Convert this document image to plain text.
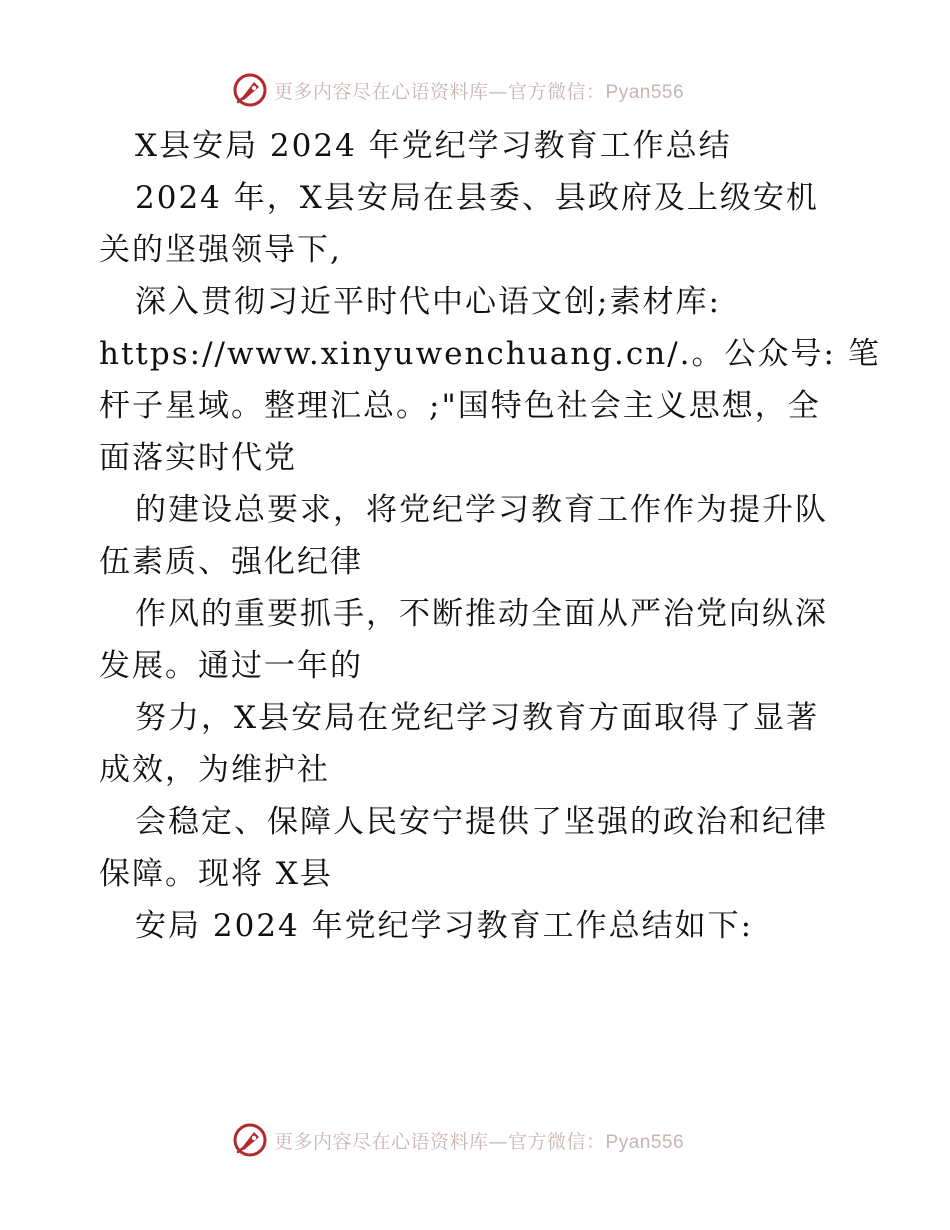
更多内容尽在心语资料库—官方微信：Pyan556
X县安局 2024 年党纪学习教育工作总结
2024 年，X县安局在县委、县政府及上级安机
关的坚强领导下,
深入贯彻习近平时代中心语文创;素材库:
https://www.xinyuwenchuang.cn/.。公众号: 笔
杆子星域。整理汇总。;"国特色社会主义思想，全
面落实时代党
的建设总要求，将党纪学习教育工作作为提升队
伍素质、强化纪律
作风的重要抓手，不断推动全面从严治党向纵深
发展。通过一年的
努力，X县安局在党纪学习教育方面取得了显著
成效，为维护社
会稳定、保障人民安宁提供了坚强的政治和纪律
保障。现将 X县
安局 2024 年党纪学习教育工作总结如下:
更多内容尽在心语资料库—官方微信：Pyan556
